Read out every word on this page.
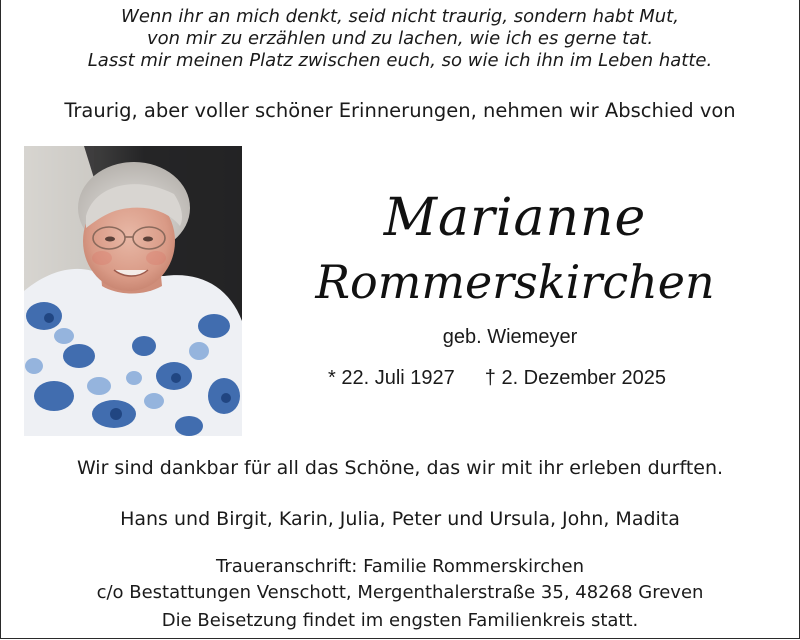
Wenn ihr an mich denkt, seid nicht traurig, sondern habt Mut,
von mir zu erzählen und zu lachen, wie ich es gerne tat.
Lasst mir meinen Platz zwischen euch, so wie ich ihn im Leben hatte.
Traurig, aber voller schöner Erinnerungen, nehmen wir Abschied von
Marianne
Rommerskirchen
geb. Wiemeyer
* 22. Juli 1927 † 2. Dezember 2025
Wir sind dankbar für all das Schöne, das wir mit ihr erleben durften.
Hans und Birgit, Karin, Julia, Peter und Ursula, John, Madita
Traueranschrift: Familie Rommerskirchen
c/o Bestattungen Venschott, Mergenthalerstraße 35, 48268 Greven
Die Beisetzung findet im engsten Familienkreis statt.
